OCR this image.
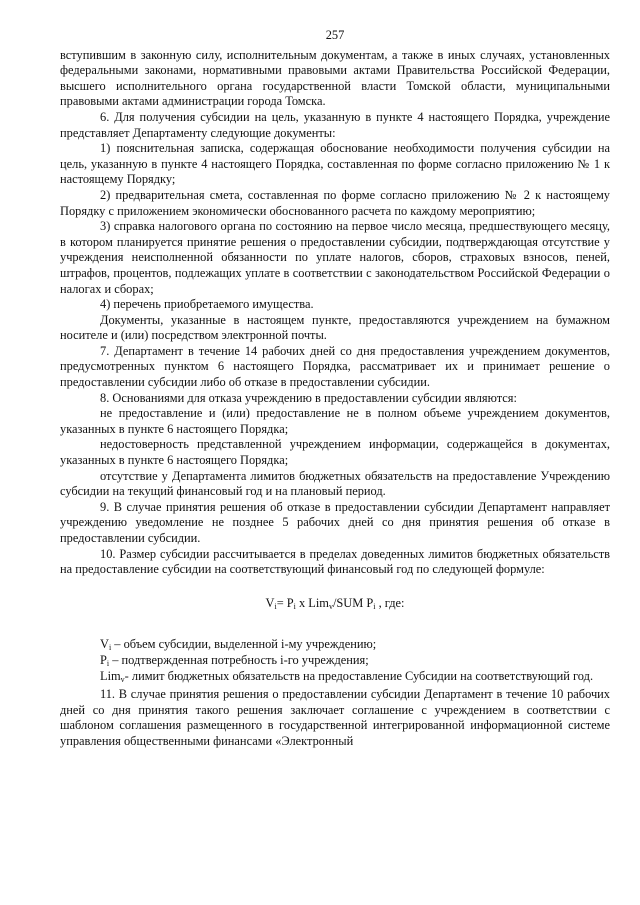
257

вступившим в законную силу, исполнительным документам, а также в иных случаях, установленных федеральными законами, нормативными правовыми актами Правительства Российской Федерации, высшего исполнительного органа государственной власти Томской области, муниципальными правовыми актами администрации города Томска.

6. Для получения субсидии на цель, указанную в пункте 4 настоящего Порядка, учреждение представляет Департаменту следующие документы:

1) пояснительная записка, содержащая обоснование необходимости получения субсидии на цель, указанную в пункте 4 настоящего Порядка, составленная по форме согласно приложению № 1 к настоящему Порядку;

2) предварительная смета, составленная по форме согласно приложению № 2 к настоящему Порядку с приложением экономически обоснованного расчета по каждому мероприятию;

3) справка налогового органа по состоянию на первое число месяца, предшествующего месяцу, в котором планируется принятие решения о предоставлении субсидии, подтверждающая отсутствие у учреждения неисполненной обязанности по уплате налогов, сборов, страховых взносов, пеней, штрафов, процентов, подлежащих уплате в соответствии с законодательством Российской Федерации о налогах и сборах;

4) перечень приобретаемого имущества.

Документы, указанные в настоящем пункте, предоставляются учреждением на бумажном носителе и (или) посредством электронной почты.

7. Департамент в течение 14 рабочих дней со дня предоставления учреждением документов, предусмотренных пунктом 6 настоящего Порядка, рассматривает их и принимает решение о предоставлении субсидии либо об отказе в предоставлении субсидии.

8. Основаниями для отказа учреждению в предоставлении субсидии являются:

не предоставление и (или) предоставление не в полном объеме учреждением документов, указанных в пункте 6 настоящего Порядка;

недостоверность представленной учреждением информации, содержащейся в документах, указанных в пункте 6 настоящего Порядка;

отсутствие у Департамента лимитов бюджетных обязательств на предоставление Учреждению субсидии на текущий финансовый год и на плановый период.

9. В случае принятия решения об отказе в предоставлении субсидии Департамент направляет учреждению уведомление не позднее 5 рабочих дней со дня принятия решения об отказе в предоставлении субсидии.

10. Размер субсидии рассчитывается в пределах доведенных лимитов бюджетных обязательств на предоставление субсидии на соответствующий финансовый год по следующей формуле:

$V_i= P_i$ x Lim$_v$/SUM $P_i$ , где:

$V_i$ – объем субсидии, выделенной i-му учреждению;

$P_i$ – подтвержденная потребность i-го учреждения;

Lim$_v$- лимит бюджетных обязательств на предоставление Субсидии на соответствующий год.

11. В случае принятия решения о предоставлении субсидии Департамент в течение 10 рабочих дней со дня принятия такого решения заключает соглашение с учреждением в соответствии с шаблоном соглашения размещенного в государственной интегрированной информационной системе управления общественными финансами «Электронный
